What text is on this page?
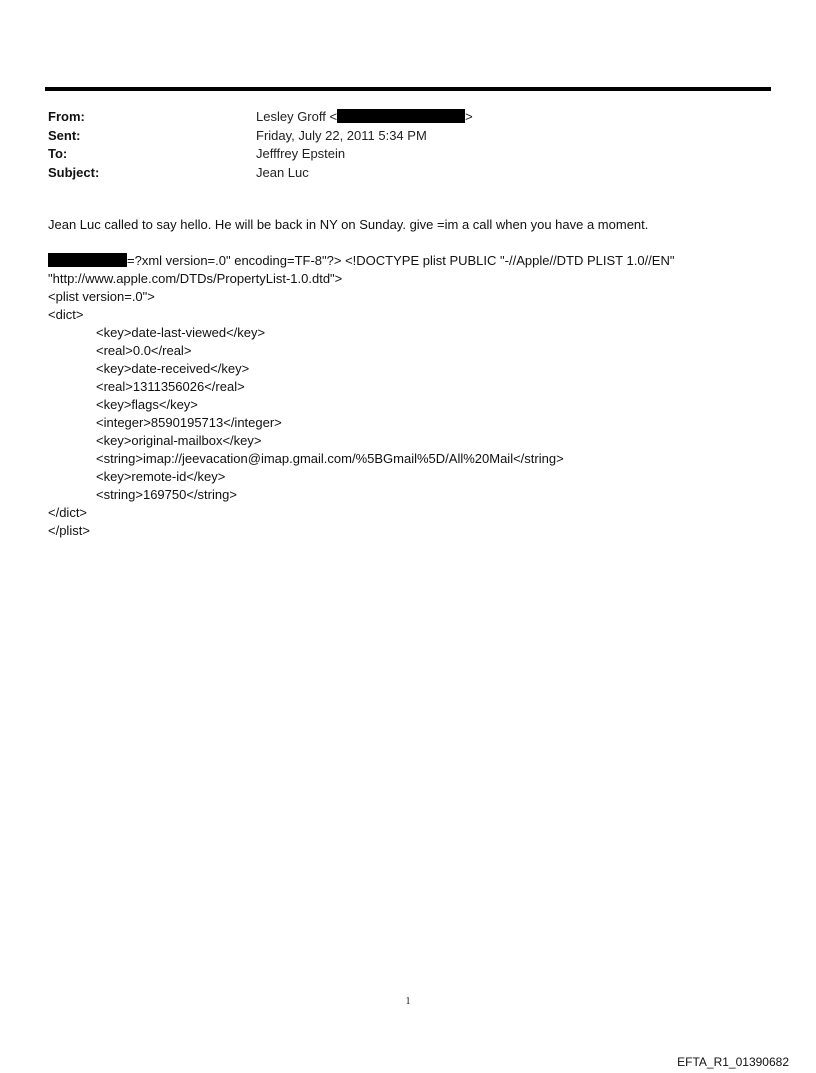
From:	Lesley Groff <	>
Sent:	Friday, July 22, 2011 5:34 PM
To:	Jefffrey Epstein
Subject:	Jean Luc
Jean Luc called to say hello. He will be back in NY on Sunday. give =im a call when you have a moment.
=?xml version=.0" encoding=TF-8"?> <!DOCTYPE plist PUBLIC "-//Apple//DTD PLIST 1.0//EN"
"http://www.apple.com/DTDs/PropertyList-1.0.dtd">
<plist version=.0">
<dict>
<key>date-last-viewed</key>
<real>0.0</real>
<key>date-received</key>
<real>1311356026</real>
<key>flags</key>
<integer>8590195713</integer>
<key>original-mailbox</key>
<string>imap://jeevacation@imap.gmail.com/%5BGmail%5D/All%20Mail</string>
<key>remote-id</key>
<string>169750</string>
</dict>
</plist>
1
EFTA_R1_01390682
